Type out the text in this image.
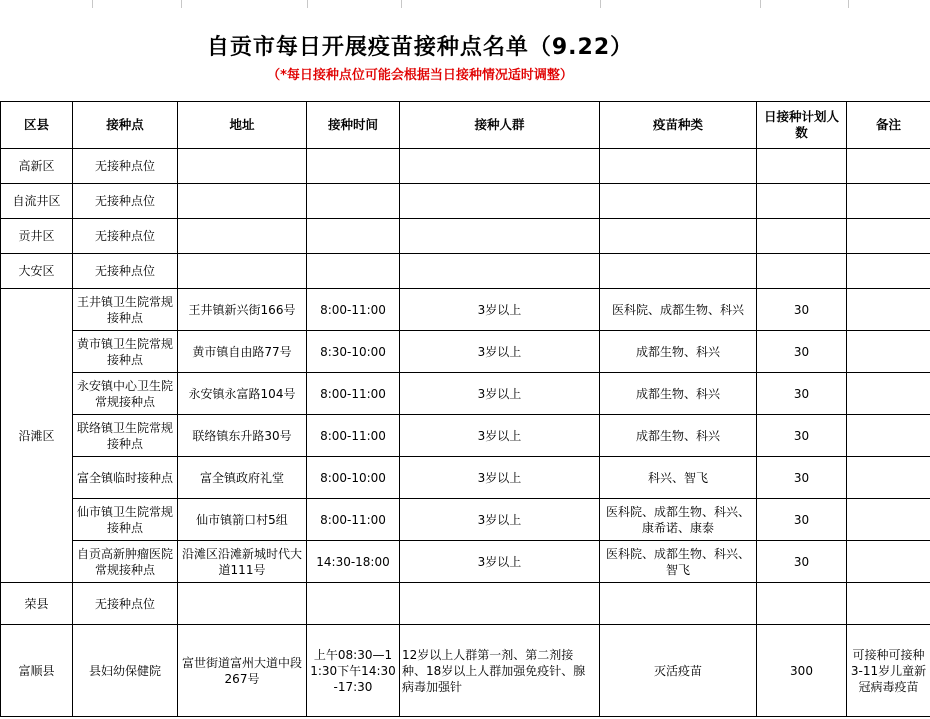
自贡市每日开展疫苗接种点名单（9.22）
（*每日接种点位可能会根据当日接种情况适时调整）
区县	接种点	地址	接种时间	接种人群	疫苗种类	日接种计划人数	备注
高新区	无接种点位						
自流井区	无接种点位						
贡井区	无接种点位						
大安区	无接种点位						
沿滩区	王井镇卫生院常规接种点	王井镇新兴街166号	8:00-11:00	3岁以上	医科院、成都生物、科兴	30	
	黄市镇卫生院常规接种点	黄市镇自由路77号	8:30-10:00	3岁以上	成都生物、科兴	30	
	永安镇中心卫生院常规接种点	永安镇永富路104号	8:00-11:00	3岁以上	成都生物、科兴	30	
	联络镇卫生院常规接种点	联络镇东升路30号	8:00-11:00	3岁以上	成都生物、科兴	30	
	富全镇临时接种点	富全镇政府礼堂	8:00-10:00	3岁以上	科兴、智飞	30	
	仙市镇卫生院常规接种点	仙市镇箭口村5组	8:00-11:00	3岁以上	医科院、成都生物、科兴、康希诺、康泰	30	
	自贡高新肿瘤医院常规接种点	沿滩区沿滩新城时代大道111号	14:30-18:00	3岁以上	医科院、成都生物、科兴、智飞	30	
荣县	无接种点位						
富顺县	县妇幼保健院	富世街道富州大道中段267号	上午08:30—11:30下午14:30-17:30	12岁以上人群第一剂、第二剂接种、18岁以上人群加强免疫针、腺病毒加强针	灭活疫苗	300	可接种可接种3-11岁儿童新冠病毒疫苗
